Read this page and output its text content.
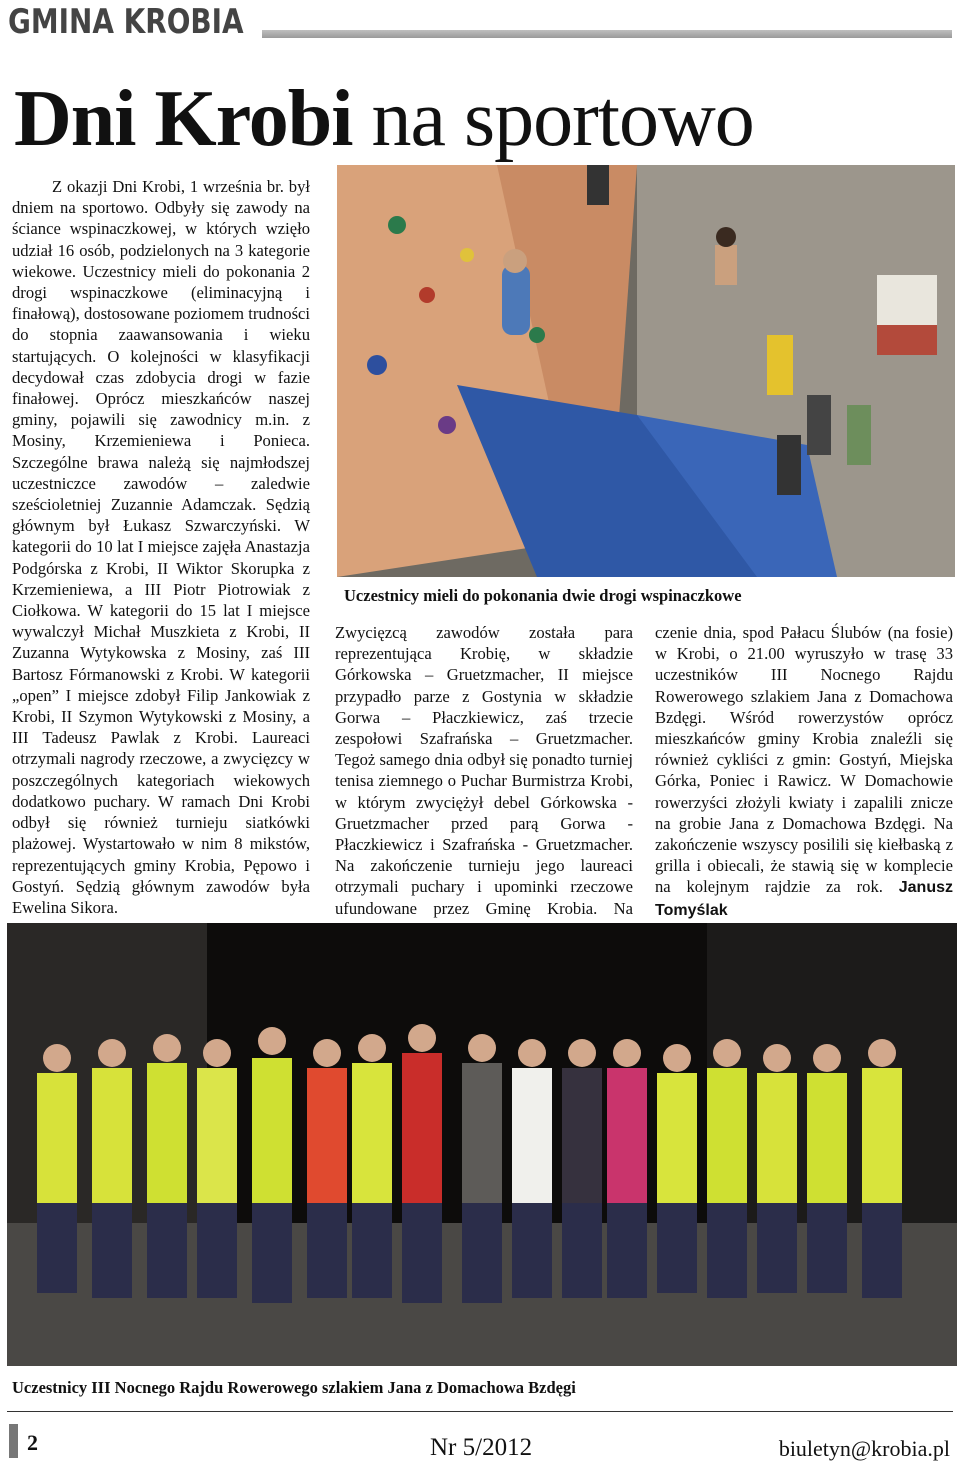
GMINA KROBIA
Dni Krobi na sportowo
Z okazji Dni Krobi, 1 września br. był dniem na sportowo. Odbyły się zawody na ściance wspinaczkowej, w których wzięło udział 16 osób, podzielonych na 3 kategorie wiekowe. Uczestnicy mieli do pokonania 2 drogi wspinaczkowe (eliminacyjną i finałową), dostosowane poziomem trudności do stopnia zaawansowania i wieku startujących. O kolejności w klasyfikacji decydował czas zdobycia drogi w fazie finałowej. Oprócz mieszkańców naszej gminy, pojawili się zawodnicy m.in. z Mosiny, Krzemieniewa i Ponieca. Szczególne brawa należą się najmłodszej uczestniczce zawodów – zaledwie sześcioletniej Zuzannie Adamczak. Sędzią głównym był Łukasz Szwarczyński. W kategorii do 10 lat I miejsce zajęła Anastazja Podgórska z Krobi, II Wiktor Skorupka z Krzemieniewa, a III Piotr Piotrowiak z Ciołkowa. W kategorii do 15 lat I miejsce wywalczył Michał Muszkieta z Krobi, II Zuzanna Wytykowska z Mosiny, zaś III Bartosz Fórmanowski z Krobi. W kategorii „open” I miejsce zdobył Filip Jankowiak z Krobi, II Szymon Wytykowski z Mosiny, a III Tadeusz Pawlak z Krobi. Laureaci otrzymali nagrody rzeczowe, a zwycięzcy w poszczególnych kategoriach wiekowych dodatkowo puchary. W ramach Dni Krobi odbył się również turnieju siatkówki plażowej. Wystartowało w nim 8 mikstów, reprezentujących gminy Krobia, Pępowo i Gostyń. Sędzią głównym zawodów była Ewelina Sikora.
Uczestnicy mieli do pokonania dwie drogi wspinaczkowe
Zwycięzcą zawodów została para reprezentująca Krobię, w składzie Górkowska – Gruetzmacher, II miejsce przypadło parze z Gostynia w składzie Gorwa – Płaczkiewicz, zaś trzecie zespołowi Szafrańska – Gruetzmacher. Tegoż samego dnia odbył się ponadto turniej tenisa ziemnego o Puchar Burmistrza Krobi, w którym zwyciężył debel Górkowska - Gruetzmacher przed parą Gorwa - Płaczkiewicz i Szafrańska - Gruetzmacher. Na zakończenie turnieju jego laureaci otrzymali puchary i upominki rzeczowe ufundowane przez Gminę Krobia. Na
czenie dnia, spod Pałacu Ślubów (na fosie) w Krobi, o 21.00 wyruszyło w trasę 33 uczestników III Nocnego Rajdu Rowerowego szlakiem Jana z Domachowa Bzdęgi. Wśród rowerzystów oprócz mieszkańców gminy Krobia znaleźli się również cykliści z gmin: Gostyń, Miejska Górka, Poniec i Rawicz. W Domachowie rowerzyści złożyli kwiaty i zapalili znicze na grobie Jana z Domachowa Bzdęgi. Na zakończenie wszyscy posilili się kiełbaską z grilla i obiecali, że stawią się w komplecie na kolejnym rajdzie za rok. Janusz Tomyślak
Uczestnicy III Nocnego Rajdu Rowerowego szlakiem Jana z Domachowa Bzdęgi
2	Nr 5/2012	biuletyn@krobia.pl
